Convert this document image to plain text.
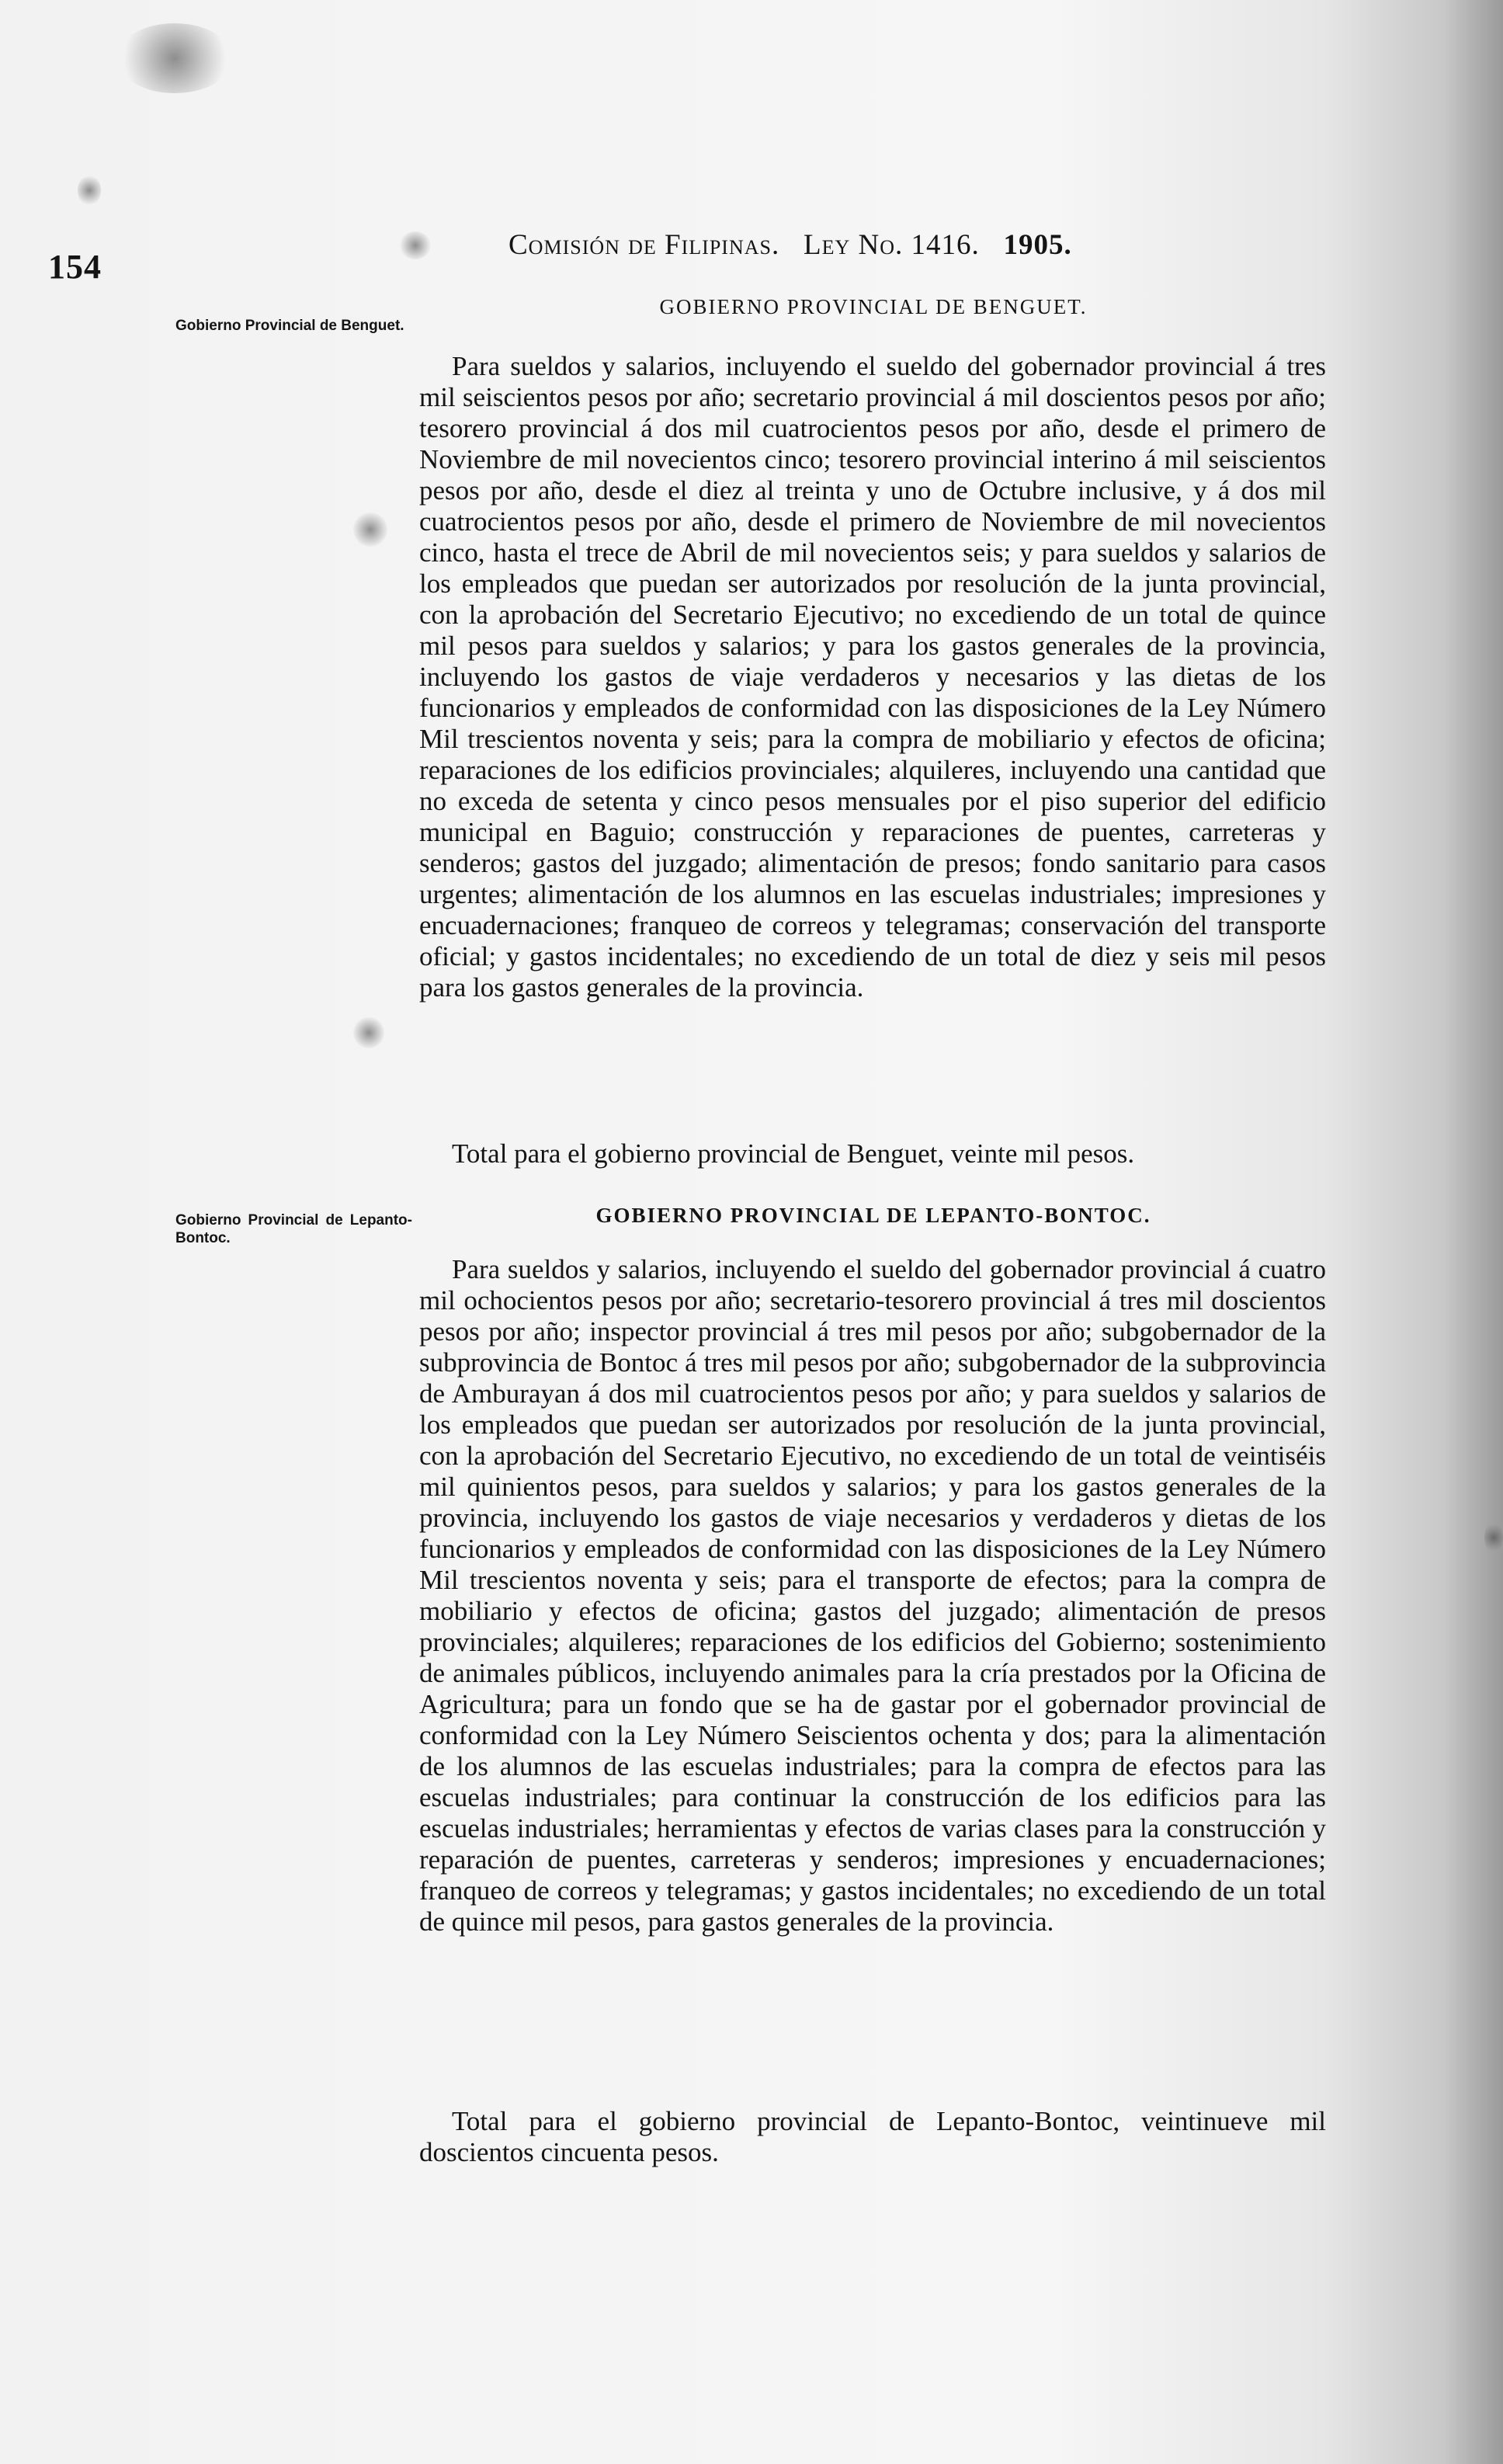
154
Comisión de Filipinas. Ley No. 1416. 1905.
Gobierno Provincial de Benguet.
GOBIERNO PROVINCIAL DE BENGUET.

Para sueldos y salarios, incluyendo el sueldo del gobernador provincial á tres mil seiscientos pesos por año; secretario provincial á mil doscientos pesos por año; tesorero provincial á dos mil cuatrocientos pesos por año, desde el primero de Noviembre de mil novecientos cinco; tesorero provincial interino á mil seiscientos pesos por año, desde el diez al treinta y uno de Octubre inclusive, y á dos mil cuatrocientos pesos por año, desde el primero de Noviembre de mil novecientos cinco, hasta el trece de Abril de mil novecientos seis; y para sueldos y salarios de los empleados que puedan ser autorizados por resolución de la junta provincial, con la aprobación del Secretario Ejecutivo; no excediendo de un total de quince mil pesos para sueldos y salarios; y para los gastos generales de la provincia, incluyendo los gastos de viaje verdaderos y necesarios y las dietas de los funcionarios y empleados de conformidad con las disposiciones de la Ley Número Mil trescientos noventa y seis; para la compra de mobiliario y efectos de oficina; reparaciones de los edificios provinciales; alquileres, incluyendo una cantidad que no exceda de setenta y cinco pesos mensuales por el piso superior del edificio municipal en Baguio; construcción y reparaciones de puentes, carreteras y senderos; gastos del juzgado; alimentación de presos; fondo sanitario para casos urgentes; alimentación de los alumnos en las escuelas industriales; impresiones y encuadernaciones; franqueo de correos y telegramas; conservación del transporte oficial; y gastos incidentales; no excediendo de un total de diez y seis mil pesos para los gastos generales de la provincia.

Total para el gobierno provincial de Benguet, veinte mil pesos.

Gobierno Provincial de Lepanto-Bontoc.
GOBIERNO PROVINCIAL DE LEPANTO-BONTOC.

Para sueldos y salarios, incluyendo el sueldo del gobernador provincial á cuatro mil ochocientos pesos por año; secretario-tesorero provincial á tres mil doscientos pesos por año; inspector provincial á tres mil pesos por año; subgobernador de la subprovincia de Bontoc á tres mil pesos por año; subgobernador de la subprovincia de Amburayan á dos mil cuatrocientos pesos por año; y para sueldos y salarios de los empleados que puedan ser autorizados por resolución de la junta provincial, con la aprobación del Secretario Ejecutivo, no excediendo de un total de veintiséis mil quinientos pesos, para sueldos y salarios; y para los gastos generales de la provincia, incluyendo los gastos de viaje necesarios y verdaderos y dietas de los funcionarios y empleados de conformidad con las disposiciones de la Ley Número Mil trescientos noventa y seis; para el transporte de efectos; para la compra de mobiliario y efectos de oficina; gastos del juzgado; alimentación de presos provinciales; alquileres; reparaciones de los edificios del Gobierno; sostenimiento de animales públicos, incluyendo animales para la cría prestados por la Oficina de Agricultura; para un fondo que se ha de gastar por el gobernador provincial de conformidad con la Ley Número Seiscientos ochenta y dos; para la alimentación de los alumnos de las escuelas industriales; para la compra de efectos para las escuelas industriales; para continuar la construcción de los edificios para las escuelas industriales; herramientas y efectos de varias clases para la construcción y reparación de puentes, carreteras y senderos; impresiones y encuadernaciones; franqueo de correos y telegramas; y gastos incidentales; no excediendo de un total de quince mil pesos, para gastos generales de la provincia.

Total para el gobierno provincial de Lepanto-Bontoc, veintinueve mil doscientos cincuenta pesos.
